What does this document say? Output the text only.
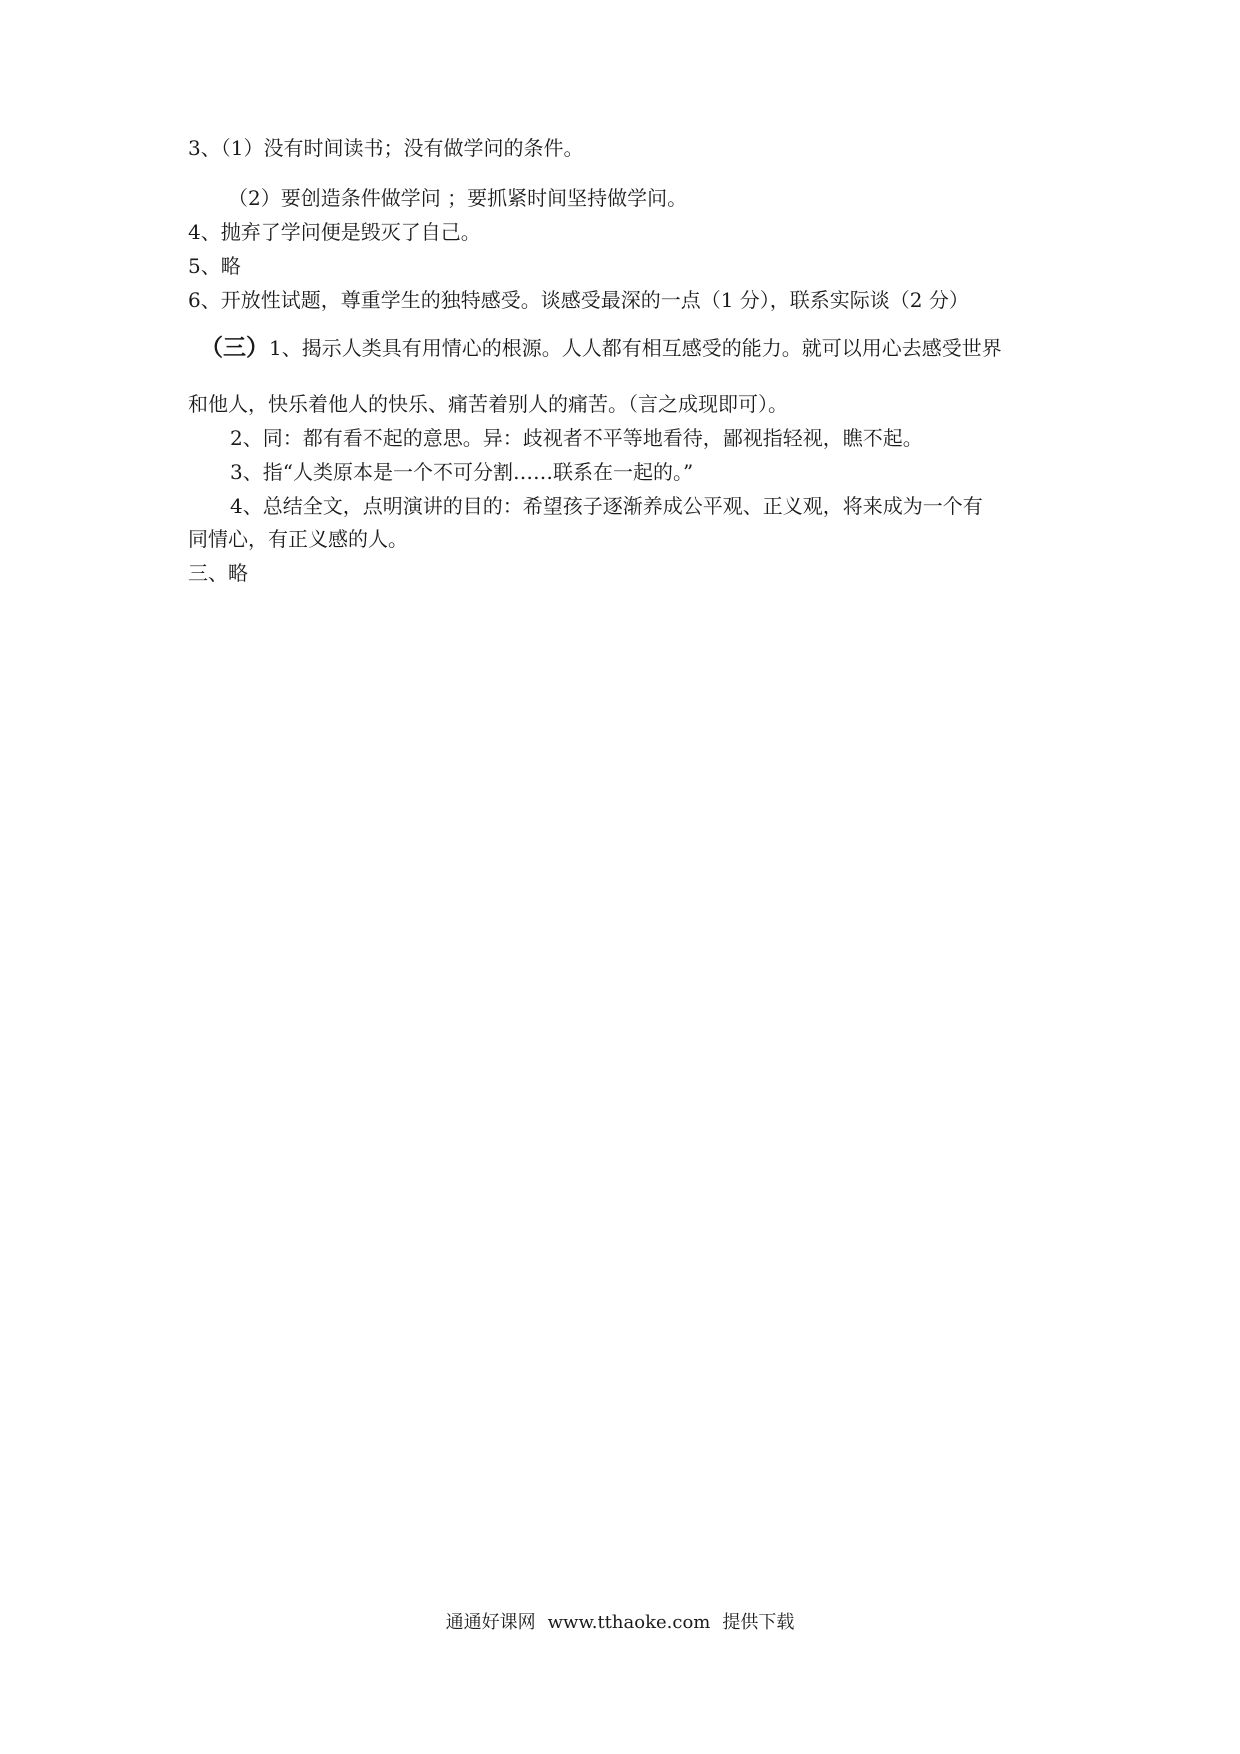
3、（1）没有时间读书；没有做学问的条件。
（2）要创造条件做学问 ；要抓紧时间坚持做学问。
4、抛弃了学问便是毁灭了自己。
5、略
6、开放性试题，尊重学生的独特感受。谈感受最深的一点（1 分），联系实际谈（2 分）
（三）1、揭示人类具有用情心的根源。人人都有相互感受的能力。就可以用心去感受世界
和他人，快乐着他人的快乐、痛苦着别人的痛苦。（言之成现即可）。
2、同：都有看不起的意思。异：歧视者不平等地看待，鄙视指轻视，瞧不起。
3、指“人类原本是一个不可分割……联系在一起的。”
4、总结全文，点明演讲的目的：希望孩子逐渐养成公平观、正义观，将来成为一个有
同情心，有正义感的人。
三、略
通通好课网 www.tthaoke.com 提供下载
